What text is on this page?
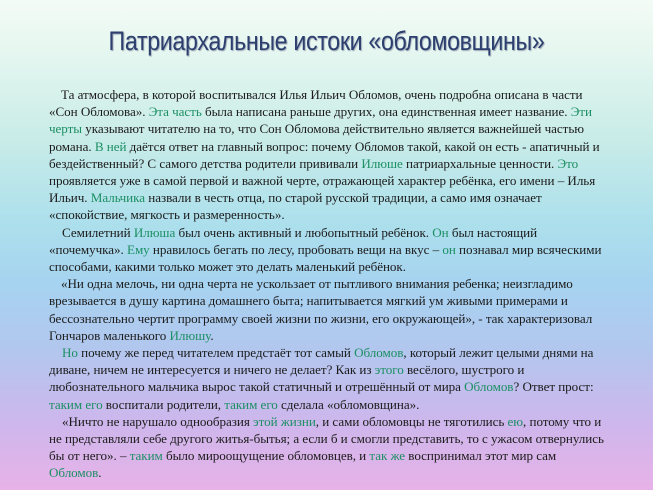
Патриархальные истоки «обломовщины»

Та атмосфера, в которой воспитывался Илья Ильич Обломов, очень подробна описана в части «Сон Обломова». Эта часть была написана раньше других, она единственная имеет название. Эти черты указывают читателю на то, что Сон Обломова действительно является важнейшей частью романа. В ней даётся ответ на главный вопрос: почему Обломов такой, какой он есть - апатичный и бездейственный? С самого детства родители прививали Илюше патриархальные ценности. Это проявляется уже в самой первой и важной черте, отражающей характер ребёнка, его имени – Илья Ильич. Мальчика назвали в честь отца, по старой русской традиции, а само имя означает «спокойствие, мягкость и размеренность».

Семилетний Илюша был очень активный и любопытный ребёнок. Он был настоящий «почемучка». Ему нравилось бегать по лесу, пробовать вещи на вкус – он познавал мир всяческими способами, какими только может это делать маленький ребёнок.

«Ни одна мелочь, ни одна черта не ускользает от пытливого внимания ребенка; неизгладимо врезывается в душу картина домашнего быта; напитывается мягкий ум живыми примерами и бессознательно чертит программу своей жизни по жизни, его окружающей», - так характеризовал Гончаров маленького Илюшу.

Но почему же перед читателем предстаёт тот самый Обломов, который лежит целыми днями на диване, ничем не интересуется и ничего не делает? Как из этого весёлого, шустрого и любознательного мальчика вырос такой статичный и отрешённый от мира Обломов? Ответ прост: таким его воспитали родители, таким его сделала «обломовщина».

«Ничто не нарушало однообразия этой жизни, и сами обломовцы не тяготились ею, потому что и не представляли себе другого житья-бытья; а если б и смогли представить, то с ужасом отвернулись бы от него». – таким было мироощущение обломовцев, и так же воспринимал этот мир сам Обломов.
